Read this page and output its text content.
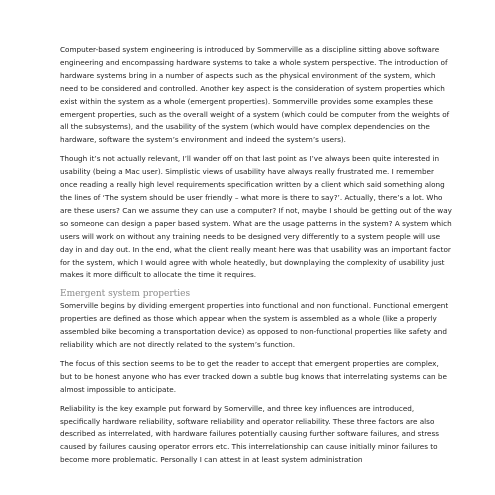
Computer-based system engineering is introduced by Sommerville as a discipline sitting above software engineering and encompassing hardware systems to take a whole system perspective. The introduction of hardware systems bring in a number of aspects such as the physical environment of the system, which need to be considered and controlled. Another key aspect is the consideration of system properties which exist within the system as a whole (emergent properties). Sommerville provides some examples these emergent properties, such as the overall weight of a system (which could be computer from the weights of all the subsystems), and the usability of the system (which would have complex dependencies on the hardware, software the system’s environment and indeed the system’s users).

Though it’s not actually relevant, I’ll wander off on that last point as I’ve always been quite interested in usability (being a Mac user). Simplistic views of usability have always really frustrated me. I remember once reading a really high level requirements specification written by a client which said something along the lines of ‘The system should be user friendly – what more is there to say?’. Actually, there’s a lot. Who are these users? Can we assume they can use a computer? If not, maybe I should be getting out of the way so someone can design a paper based system. What are the usage patterns in the system? A system which users will work on without any training needs to be designed very differently to a system people will use day in and day out. In the end, what the client really meant here was that usability was an important factor for the system, which I would agree with whole heatedly, but downplaying the complexity of usability just makes it more difficult to allocate the time it requires.

Emergent system properties

Somerville begins by dividing emergent properties into functional and non functional. Functional emergent properties are defined as those which appear when the system is assembled as a whole (like a properly assembled bike becoming a transportation device) as opposed to non-functional properties like safety and reliability which are not directly related to the system’s function.

The focus of this section seems to be to get the reader to accept that emergent properties are complex, but to be honest anyone who has ever tracked down a subtle bug knows that interrelating systems can be almost impossible to anticipate.

Reliability is the key example put forward by Somerville, and three key influences are introduced, specifically hardware reliability, software reliability and operator reliability. These three factors are also described as interrelated, with hardware failures potentially causing further software failures, and stress caused by failures causing operator errors etc. This interrelationship can cause initially minor failures to become more problematic. Personally I can attest in at least system administration
